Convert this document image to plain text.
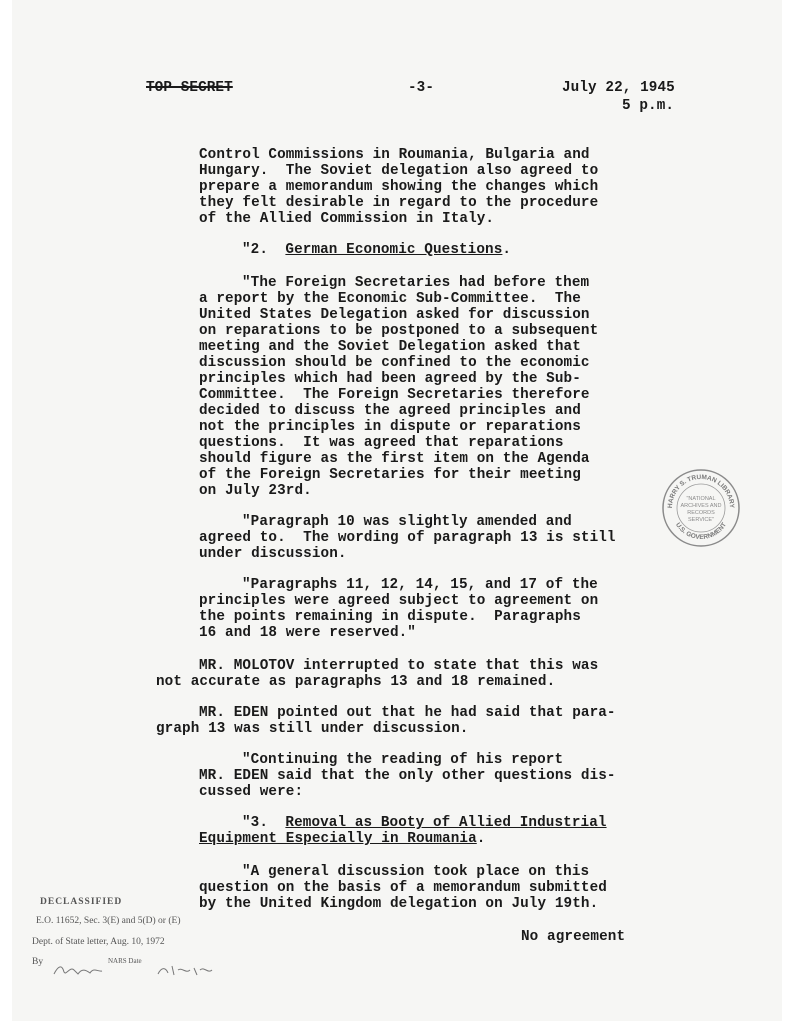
TOP SECRET	-3-	July 22, 1945
5 p.m.
Control Commissions in Roumania, Bulgaria and
Hungary.  The Soviet delegation also agreed to
prepare a memorandum showing the changes which
they felt desirable in regard to the procedure
of the Allied Commission in Italy.
"2.  German Economic Questions.
"The Foreign Secretaries had before them
a report by the Economic Sub-Committee.  The
United States Delegation asked for discussion
on reparations to be postponed to a subsequent
meeting and the Soviet Delegation asked that
discussion should be confined to the economic
principles which had been agreed by the Sub-
Committee.  The Foreign Secretaries therefore
decided to discuss the agreed principles and
not the principles in dispute or reparations
questions.  It was agreed that reparations
should figure as the first item on the Agenda
of the Foreign Secretaries for their meeting
on July 23rd.
"Paragraph 10 was slightly amended and
agreed to.  The wording of paragraph 13 is still
under discussion.
"Paragraphs 11, 12, 14, 15, and 17 of the
principles were agreed subject to agreement on
the points remaining in dispute.  Paragraphs
16 and 18 were reserved."
MR. MOLOTOV interrupted to state that this was
not accurate as paragraphs 13 and 18 remained.
MR. EDEN pointed out that he had said that para-
graph 13 was still under discussion.
"Continuing the reading of his report
MR. EDEN said that the only other questions dis-
cussed were:
"3.  Removal as Booty of Allied Industrial
Equipment Especially in Roumania.
"A general discussion took place on this
question on the basis of a memorandum submitted
by the United Kingdom delegation on July 19th.
No agreement
HARRY S. TRUMAN LIBRARY
U.S. GOVERNMENT
"NATIONAL
ARCHIVES AND
RECORDS
SERVICE"
DECLASSIFIED
E.O. 11652, Sec. 3(E) and 5(D) or (E)
Dept. of State letter, Aug. 10, 1972
By	NARS Date
